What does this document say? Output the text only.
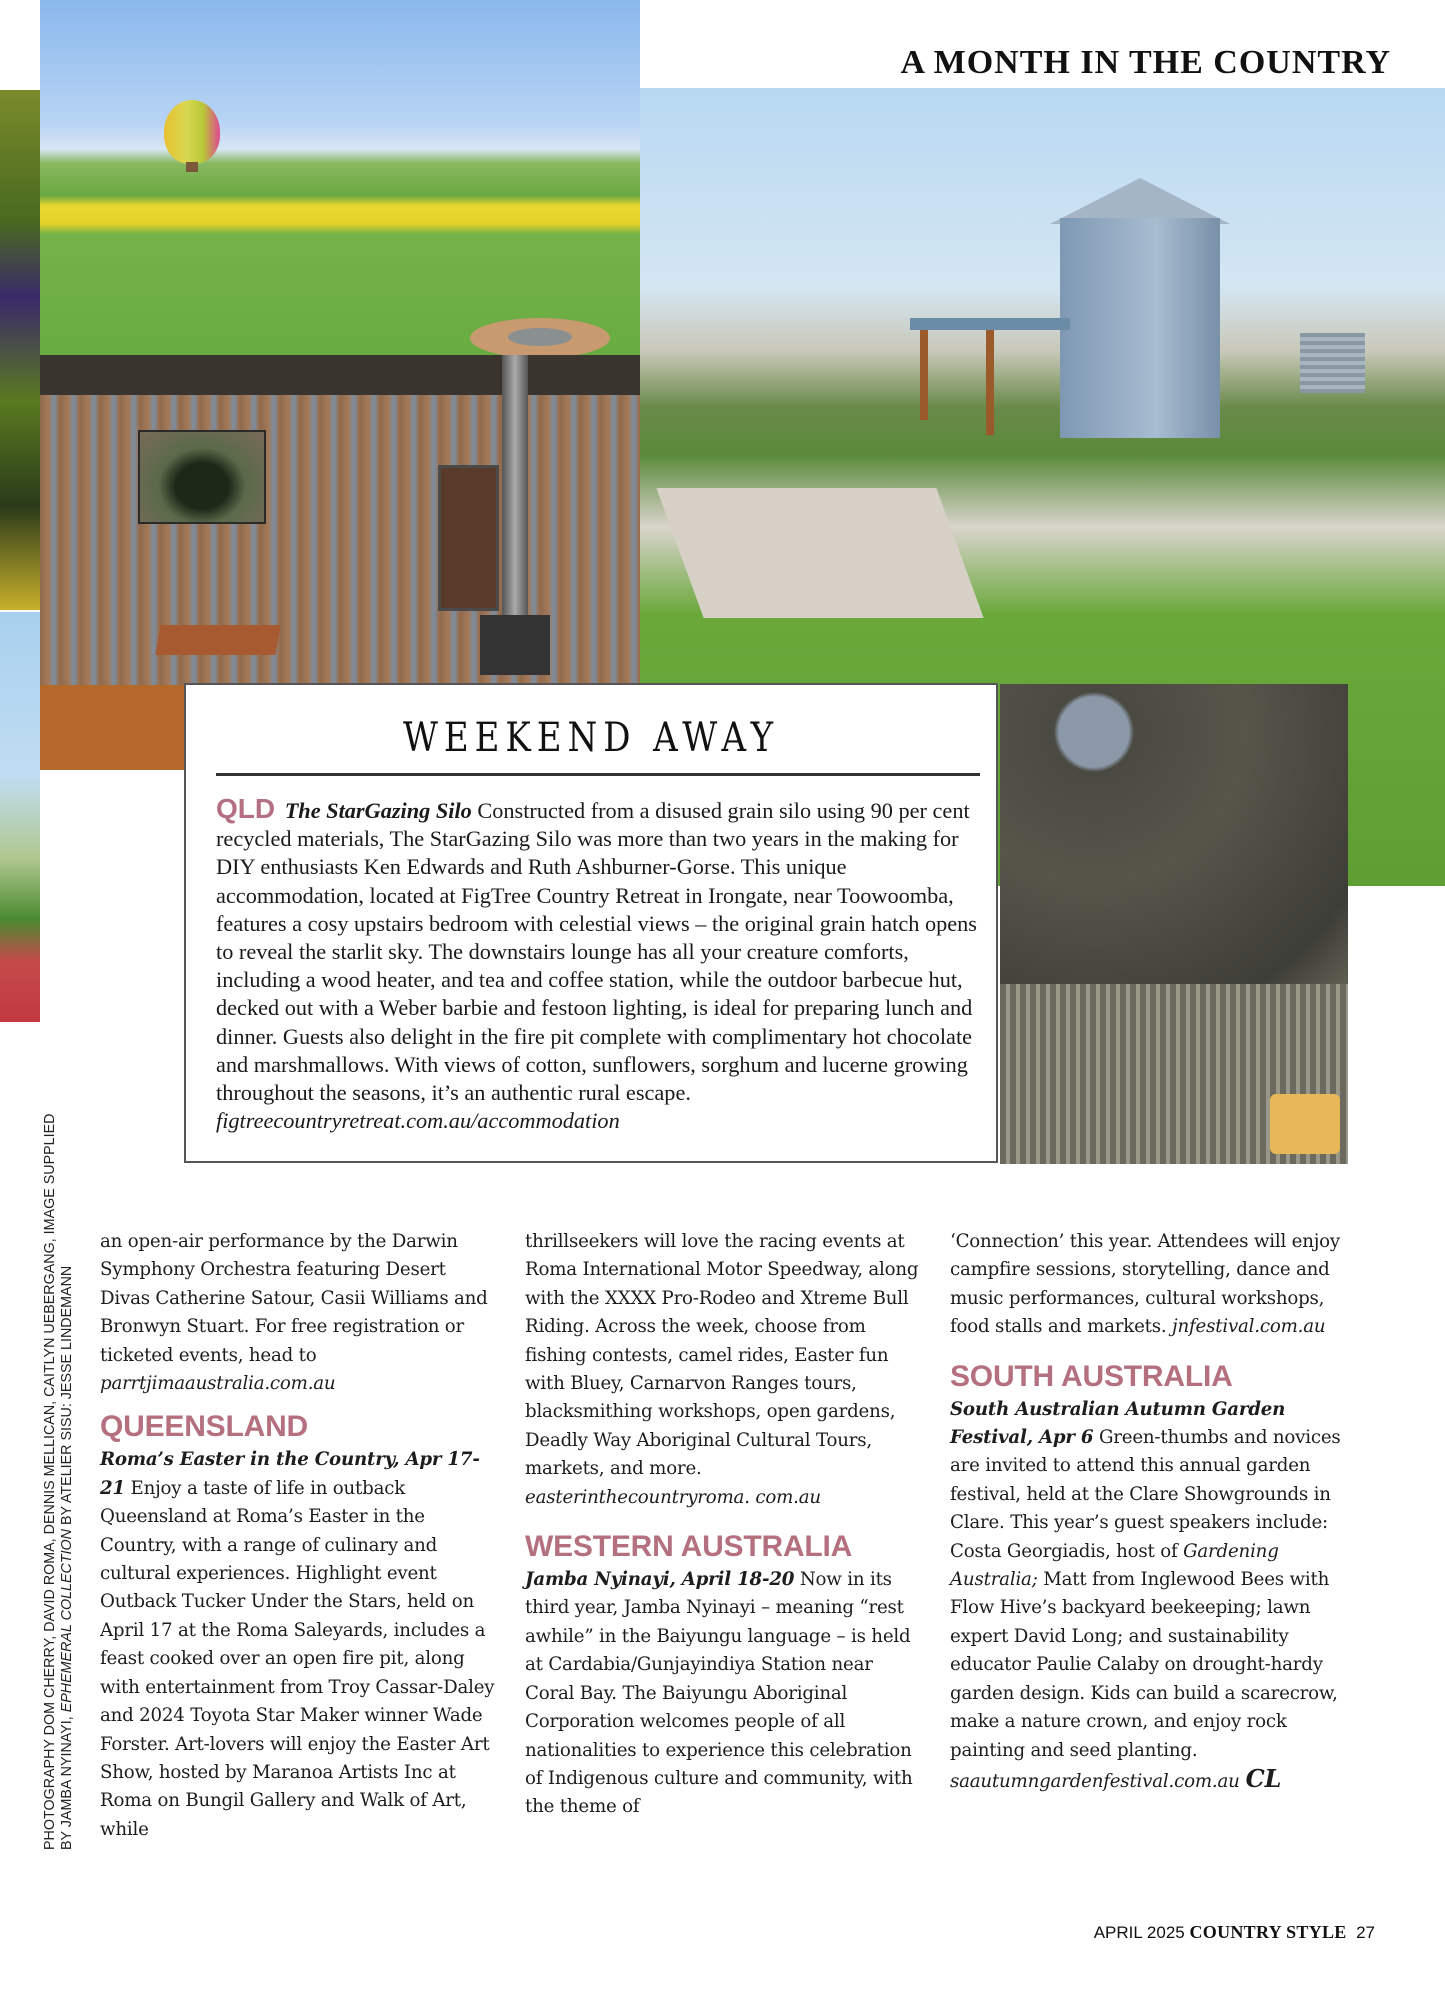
A MONTH IN THE COUNTRY
WEEKEND AWAY
QLD The StarGazing Silo Constructed from a disused grain silo using 90 per cent recycled materials, The StarGazing Silo was more than two years in the making for DIY enthusiasts Ken Edwards and Ruth Ashburner-Gorse. This unique accommodation, located at FigTree Country Retreat in Irongate, near Toowoomba, features a cosy upstairs bedroom with celestial views – the original grain hatch opens to reveal the starlit sky. The downstairs lounge has all your creature comforts, including a wood heater, and tea and coffee station, while the outdoor barbecue hut, decked out with a Weber barbie and festoon lighting, is ideal for preparing lunch and dinner. Guests also delight in the fire pit complete with complimentary hot chocolate and marshmallows. With views of cotton, sunflowers, sorghum and lucerne growing throughout the seasons, it’s an authentic rural escape. figtreecountryretreat.com.au/accommodation
PHOTOGRAPHY DOM CHERRY, DAVID ROMA, DENNIS MELLICAN, CAITLYN UEBERGANG, IMAGE SUPPLIED
BY JAMBA NYINAYI, EPHEMERAL COLLECTION BY ATELIER SISU: JESSE LINDEMANN

an open-air performance by the Darwin Symphony Orchestra featuring Desert Divas Catherine Satour, Casii Williams and Bronwyn Stuart. For free registration or ticketed events, head to parrtjimaaustralia.com.au

QUEENSLAND

Roma’s Easter in the Country, Apr 17-21 Enjoy a taste of life in outback Queensland at Roma’s Easter in the Country, with a range of culinary and cultural experiences. Highlight event Outback Tucker Under the Stars, held on April 17 at the Roma Saleyards, includes a feast cooked over an open fire pit, along with entertainment from Troy Cassar-Daley and 2024 Toyota Star Maker winner Wade Forster. Art-lovers will enjoy the Easter Art Show, hosted by Maranoa Artists Inc at Roma on Bungil Gallery and Walk of Art, while

thrillseekers will love the racing events at Roma International Motor Speedway, along with the XXXX Pro-Rodeo and Xtreme Bull Riding. Across the week, choose from fishing contests, camel rides, Easter fun with Bluey, Carnarvon Ranges tours, blacksmithing workshops, open gardens, Deadly Way Aboriginal Cultural Tours, markets, and more. easterinthecountryroma. com.au

WESTERN AUSTRALIA

Jamba Nyinayi, April 18-20 Now in its third year, Jamba Nyinayi – meaning “rest awhile” in the Baiyungu language – is held at Cardabia/Gunjayindiya Station near Coral Bay. The Baiyungu Aboriginal Corporation welcomes people of all nationalities to experience this celebration of Indigenous culture and community, with the theme of

‘Connection’ this year. Attendees will enjoy campfire sessions, storytelling, dance and music performances, cultural workshops, food stalls and markets. jnfestival.com.au

SOUTH AUSTRALIA

South Australian Autumn Garden Festival, Apr 6 Green-thumbs and novices are invited to attend this annual garden festival, held at the Clare Showgrounds in Clare. This year’s guest speakers include: Costa Georgiadis, host of Gardening Australia; Matt from Inglewood Bees with Flow Hive’s backyard beekeeping; lawn expert David Long; and sustainability educator Paulie Calaby on drought-hardy garden design. Kids can build a scarecrow, make a nature crown, and enjoy rock painting and seed planting. saautumngardenfestival.com.au CL

APRIL 2025 COUNTRY STYLE 27
